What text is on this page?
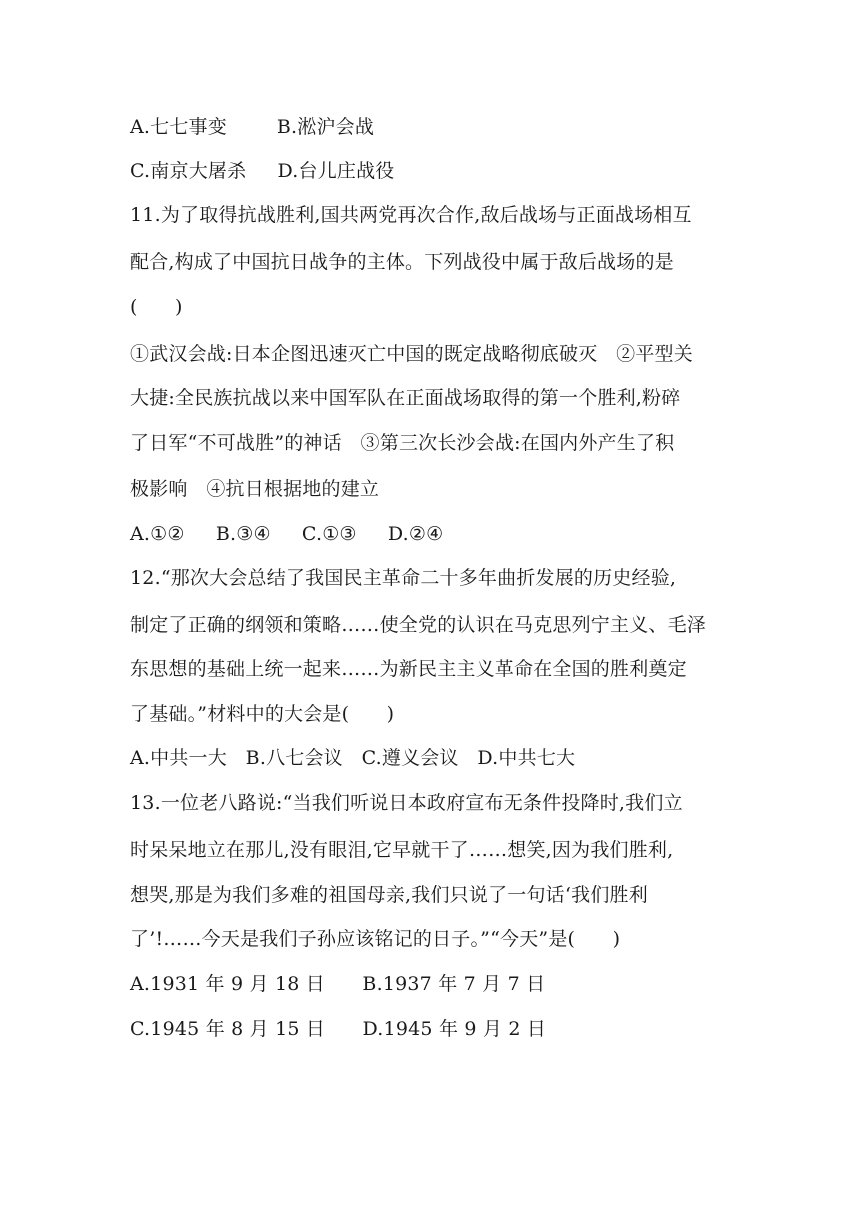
A.七七事变        B.淞沪会战
C.南京大屠杀     D.台儿庄战役
11.为了取得抗战胜利,国共两党再次合作,敌后战场与正面战场相互
配合,构成了中国抗日战争的主体。下列战役中属于敌后战场的是
(      )
①武汉会战:日本企图迅速灭亡中国的既定战略彻底破灭   ②平型关
大捷:全民族抗战以来中国军队在正面战场取得的第一个胜利,粉碎
了日军“不可战胜”的神话   ③第三次长沙会战:在国内外产生了积
极影响   ④抗日根据地的建立
A.①②     B.③④     C.①③     D.②④
12.“那次大会总结了我国民主革命二十多年曲折发展的历史经验,
制定了正确的纲领和策略……使全党的认识在马克思列宁主义、毛泽
东思想的基础上统一起来……为新民主主义革命在全国的胜利奠定
了基础。”材料中的大会是(      )
A.中共一大   B.八七会议   C.遵义会议   D.中共七大
13.一位老八路说:“当我们听说日本政府宣布无条件投降时,我们立
时呆呆地立在那儿,没有眼泪,它早就干了……想笑,因为我们胜利,
想哭,那是为我们多难的祖国母亲,我们只说了一句话‘我们胜利
了’!……今天是我们子孙应该铭记的日子。”“今天”是(      )
A.1931 年 9 月 18 日      B.1937 年 7 月 7 日
C.1945 年 8 月 15 日      D.1945 年 9 月 2 日
